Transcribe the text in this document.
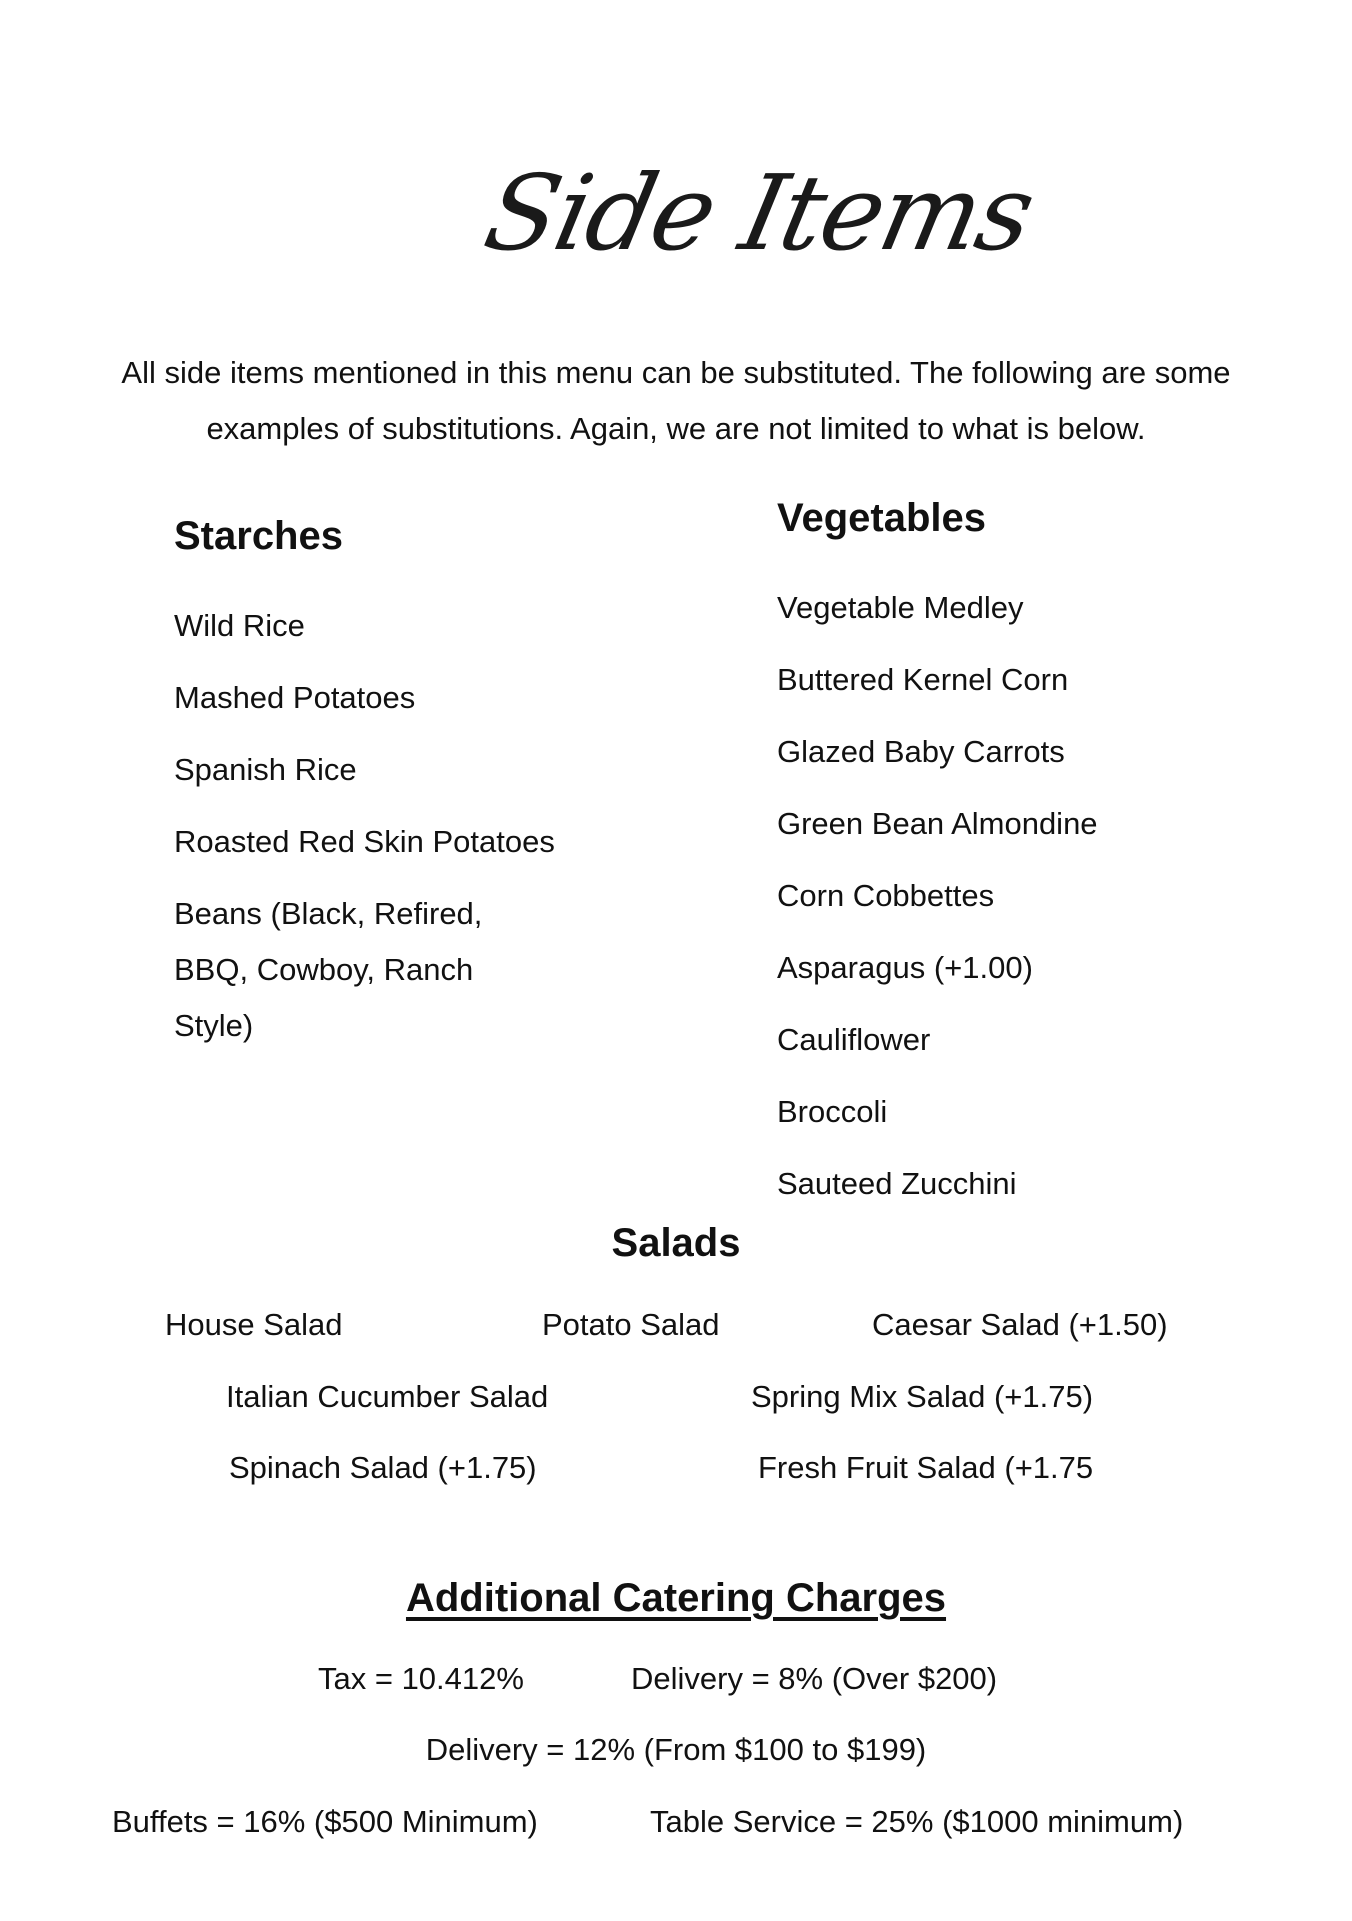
Side Items
All side items mentioned in this menu can be substituted. The following are some examples of substitutions. Again, we are not limited to what is below.
Starches
Wild Rice
Mashed Potatoes
Spanish Rice
Roasted Red Skin Potatoes
Beans (Black, Refired, BBQ, Cowboy, Ranch Style)
Vegetables
Vegetable Medley
Buttered Kernel Corn
Glazed Baby Carrots
Green Bean Almondine
Corn Cobbettes
Asparagus (+1.00)
Cauliflower
Broccoli
Sauteed Zucchini
Salads
House Salad	Potato Salad	Caesar Salad (+1.50)
Italian Cucumber Salad	Spring Mix Salad (+1.75)
Spinach Salad (+1.75)	Fresh Fruit Salad (+1.75
Additional Catering Charges
Tax = 10.412%	Delivery = 8% (Over $200)
Delivery = 12% (From $100 to $199)
Buffets = 16% ($500 Minimum)	Table Service = 25% ($1000 minimum)
